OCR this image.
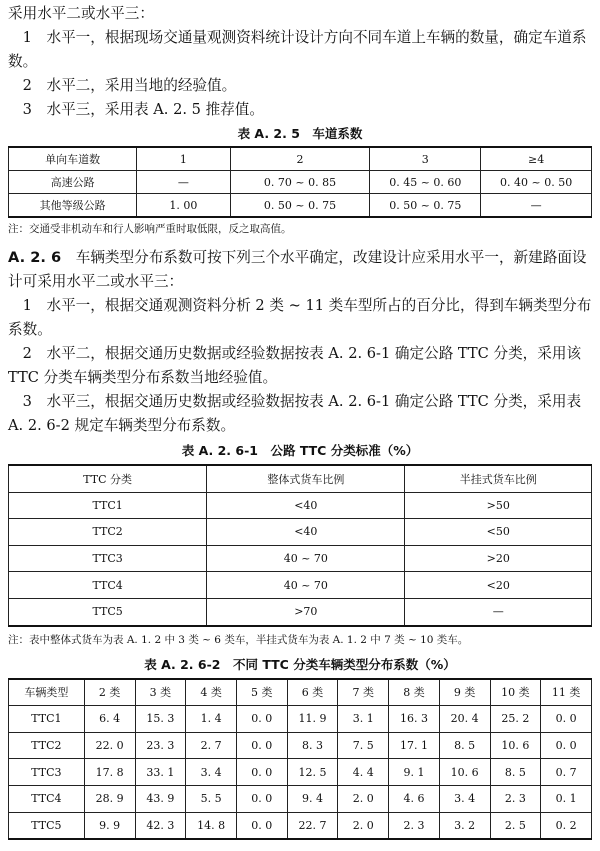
采用水平二或水平三：

1　水平一，根据现场交通量观测资料统计设计方向不同车道上车辆的数量，确定车道系数。

2　水平二，采用当地的经验值。

3　水平三，采用表 A. 2. 5 推荐值。

表 A. 2. 5　车道系数

单向车道数	1	2	3	≥4
高速公路	—	0. 70 ~ 0. 85	0. 45 ~ 0. 60	0. 40 ~ 0. 50
其他等级公路	1. 00	0. 50 ~ 0. 75	0. 50 ~ 0. 75	—

注：交通受非机动车和行人影响严重时取低限，反之取高值。

A. 2. 6　 车辆类型分布系数可按下列三个水平确定，改建设计应采用水平一，新建路面设计可采用水平二或水平三：

1　水平一，根据交通观测资料分析 2 类 ~ 11 类车型所占的百分比，得到车辆类型分布系数。

2　水平二，根据交通历史数据或经验数据按表 A. 2. 6-1 确定公路 TTC 分类，采用该 TTC 分类车辆类型分布系数当地经验值。

3　水平三，根据交通历史数据或经验数据按表 A. 2. 6-1 确定公路 TTC 分类，采用表 A. 2. 6-2 规定车辆类型分布系数。

表 A. 2. 6-1　公路 TTC 分类标准（%）

TTC 分类	整体式货车比例	半挂式货车比例
TTC1	<40	>50
TTC2	<40	<50
TTC3	40 ~ 70	>20
TTC4	40 ~ 70	<20
TTC5	>70	—

注：表中整体式货车为表 A. 1. 2 中 3 类 ~ 6 类车，半挂式货车为表 A. 1. 2 中 7 类 ~ 10 类车。

表 A. 2. 6-2　不同 TTC 分类车辆类型分布系数（%）

车辆类型	2 类	3 类	4 类	5 类	6 类	7 类	8 类	9 类	10 类	11 类
TTC1	6. 4	15. 3	1. 4	0. 0	11. 9	3. 1	16. 3	20. 4	25. 2	0. 0
TTC2	22. 0	23. 3	2. 7	0. 0	8. 3	7. 5	17. 1	8. 5	10. 6	0. 0
TTC3	17. 8	33. 1	3. 4	0. 0	12. 5	4. 4	9. 1	10. 6	8. 5	0. 7
TTC4	28. 9	43. 9	5. 5	0. 0	9. 4	2. 0	4. 6	3. 4	2. 3	0. 1
TTC5	9. 9	42. 3	14. 8	0. 0	22. 7	2. 0	2. 3	3. 2	2. 5	0. 2
